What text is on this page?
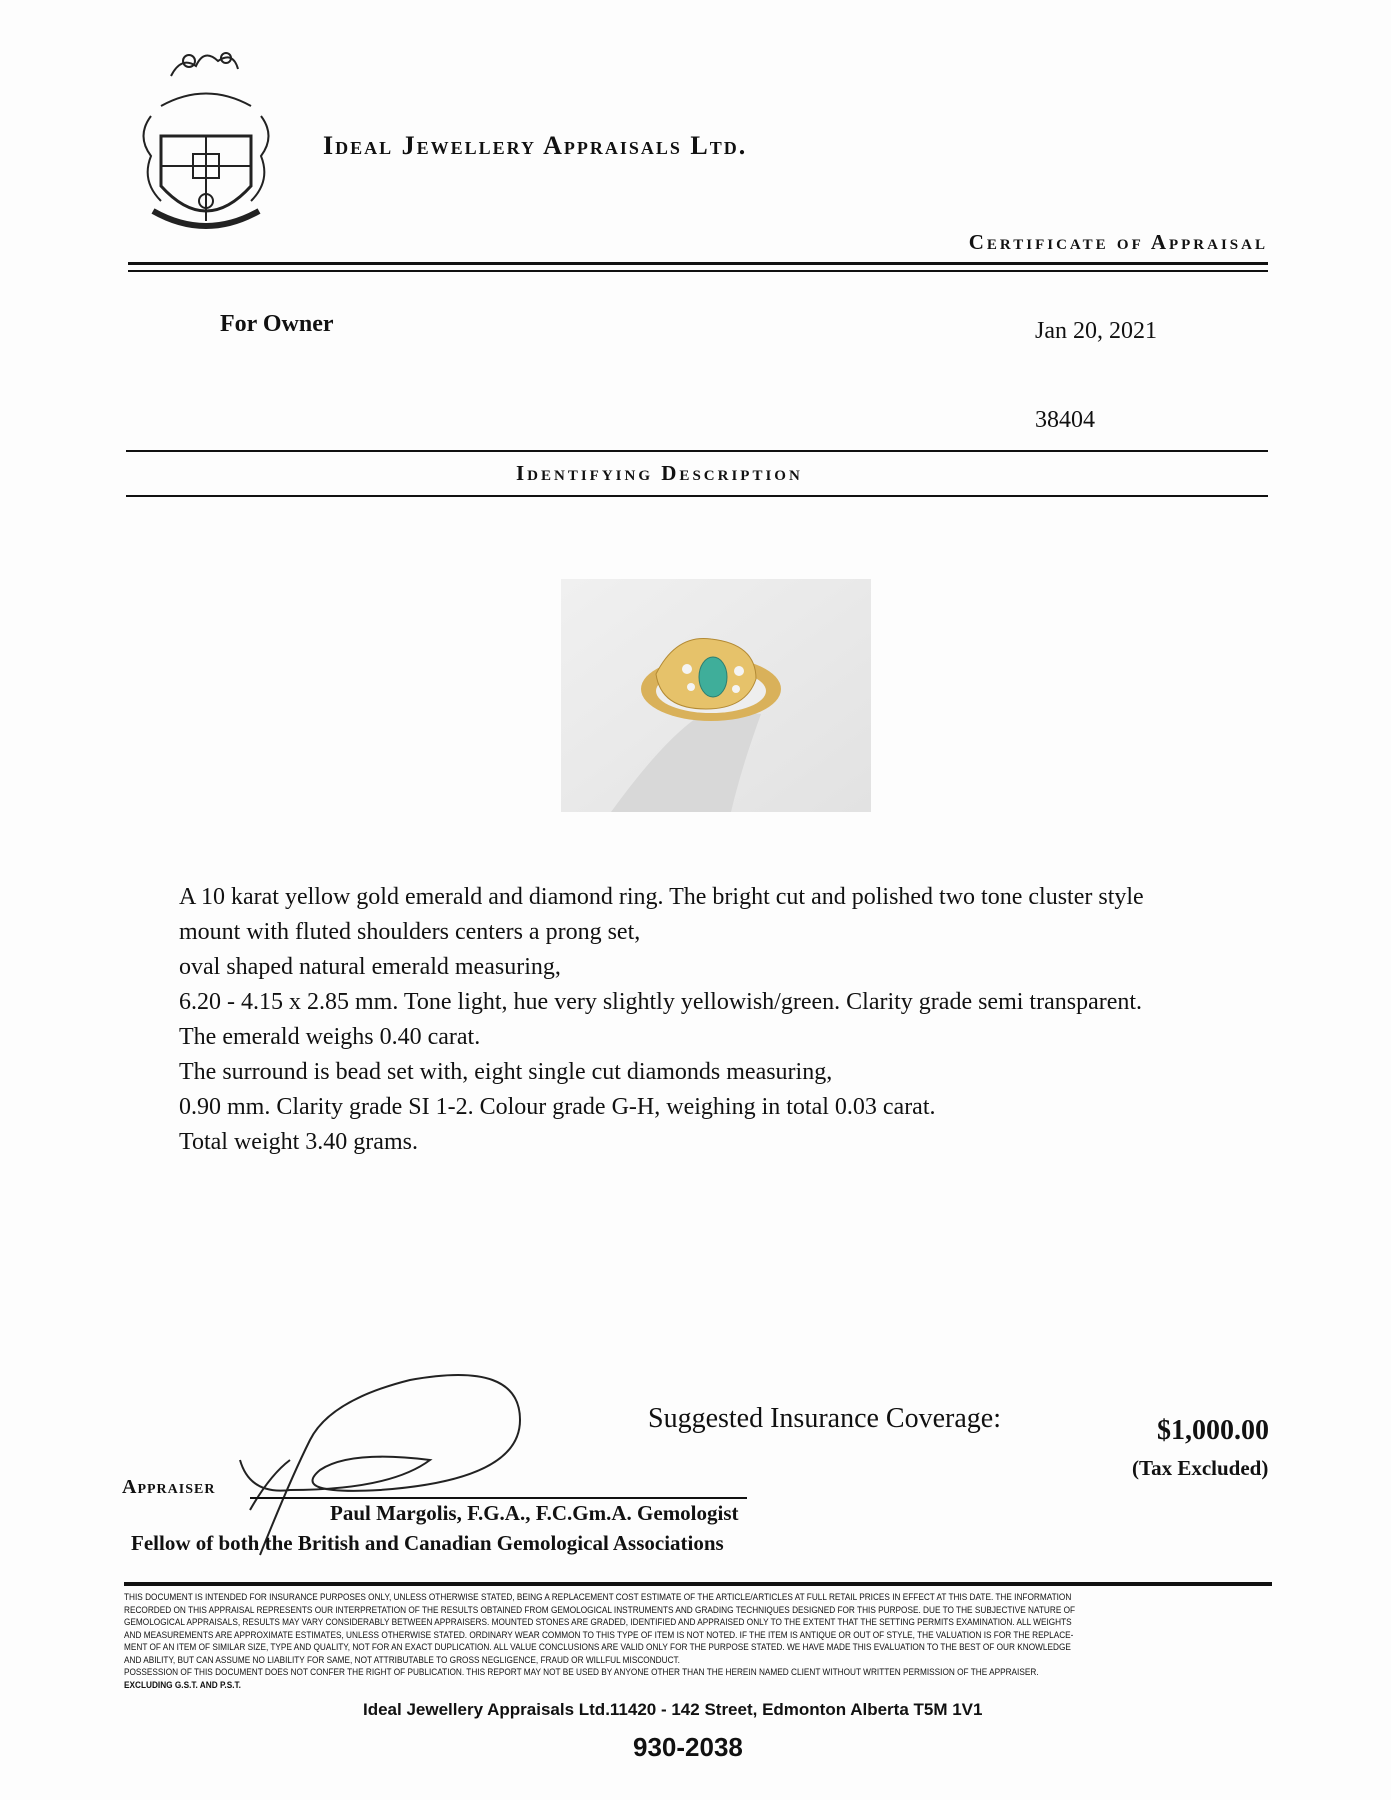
Ideal Jewellery Appraisals Ltd.
Certificate of Appraisal
For Owner	Jan 20, 2021
38404
Identifying Description
A 10 karat yellow gold emerald and diamond ring. The bright cut and polished two tone cluster style
mount with fluted shoulders centers a prong set,
oval shaped natural emerald measuring,
6.20 - 4.15 x 2.85 mm. Tone light, hue very slightly yellowish/green. Clarity grade semi transparent.
The emerald weighs 0.40 carat.
The surround is bead set with, eight single cut diamonds measuring,
0.90 mm. Clarity grade SI 1-2. Colour grade G-H, weighing in total 0.03 carat.
Total weight 3.40 grams.
Suggested Insurance Coverage:	$1,000.00
(Tax Excluded)
Appraiser
Paul Margolis, F.G.A., F.C.Gm.A. Gemologist
Fellow of both the British and Canadian Gemological Associations
THIS DOCUMENT IS INTENDED FOR INSURANCE PURPOSES ONLY, UNLESS OTHERWISE STATED, BEING A REPLACEMENT COST ESTIMATE OF THE ARTICLE/ARTICLES AT FULL RETAIL PRICES IN EFFECT AT THIS DATE. THE INFORMATION
RECORDED ON THIS APPRAISAL REPRESENTS OUR INTERPRETATION OF THE RESULTS OBTAINED FROM GEMOLOGICAL INSTRUMENTS AND GRADING TECHNIQUES DESIGNED FOR THIS PURPOSE. DUE TO THE SUBJECTIVE NATURE OF
GEMOLOGICAL APPRAISALS, RESULTS MAY VARY CONSIDERABLY BETWEEN APPRAISERS. MOUNTED STONES ARE GRADED, IDENTIFIED AND APPRAISED ONLY TO THE EXTENT THAT THE SETTING PERMITS EXAMINATION. ALL WEIGHTS
AND MEASUREMENTS ARE APPROXIMATE ESTIMATES, UNLESS OTHERWISE STATED. ORDINARY WEAR COMMON TO THIS TYPE OF ITEM IS NOT NOTED. IF THE ITEM IS ANTIQUE OR OUT OF STYLE, THE VALUATION IS FOR THE REPLACE-
MENT OF AN ITEM OF SIMILAR SIZE, TYPE AND QUALITY, NOT FOR AN EXACT DUPLICATION. ALL VALUE CONCLUSIONS ARE VALID ONLY FOR THE PURPOSE STATED. WE HAVE MADE THIS EVALUATION TO THE BEST OF OUR KNOWLEDGE
AND ABILITY, BUT CAN ASSUME NO LIABILITY FOR SAME, NOT ATTRIBUTABLE TO GROSS NEGLIGENCE, FRAUD OR WILLFUL MISCONDUCT.
POSSESSION OF THIS DOCUMENT DOES NOT CONFER THE RIGHT OF PUBLICATION. THIS REPORT MAY NOT BE USED BY ANYONE OTHER THAN THE HEREIN NAMED CLIENT WITHOUT WRITTEN PERMISSION OF THE APPRAISER.
EXCLUDING G.S.T. AND P.S.T.
Ideal Jewellery Appraisals Ltd.11420 - 142 Street, Edmonton Alberta T5M 1V1
930-2038
